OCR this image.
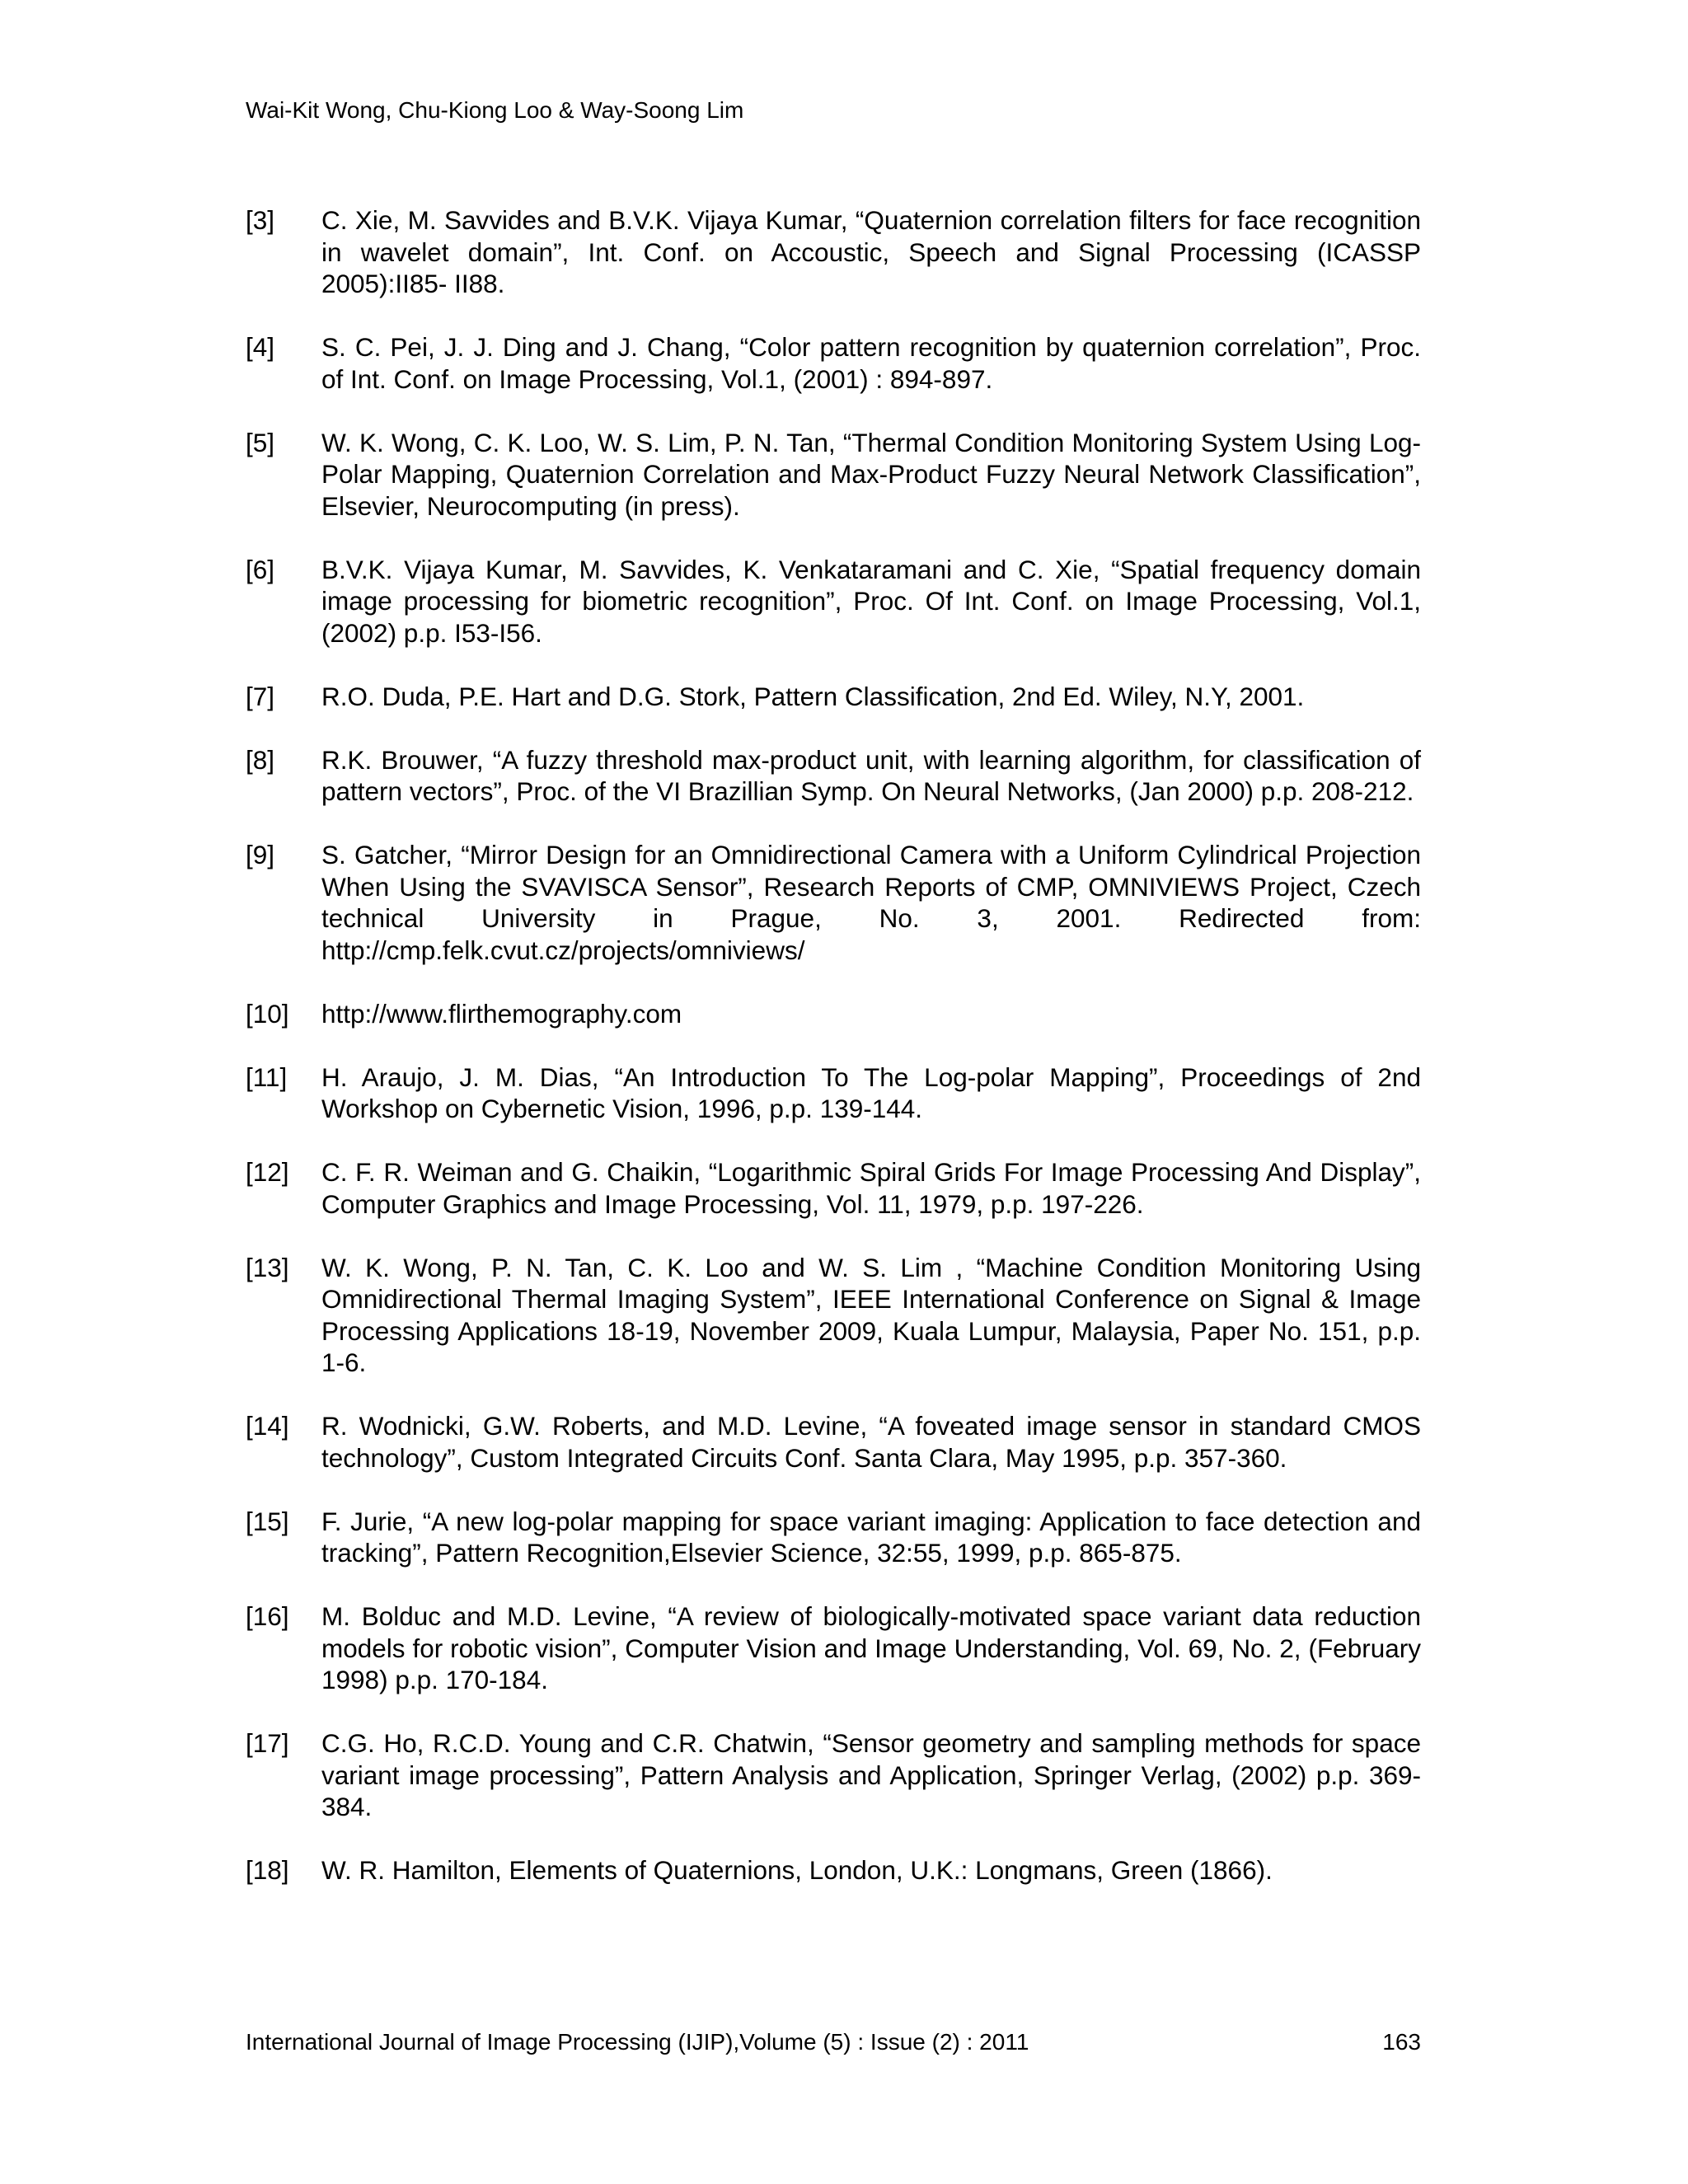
Wai-Kit Wong, Chu-Kiong Loo & Way-Soong Lim
[3] C. Xie, M. Savvides and B.V.K. Vijaya Kumar, “Quaternion correlation filters for face recognition in wavelet domain”, Int. Conf. on Accoustic, Speech and Signal Processing (ICASSP 2005):II85- II88.
[4] S. C. Pei, J. J. Ding and J. Chang, “Color pattern recognition by quaternion correlation”, Proc. of Int. Conf. on Image Processing, Vol.1, (2001) : 894-897.
[5] W. K. Wong, C. K. Loo, W. S. Lim, P. N. Tan, “Thermal Condition Monitoring System Using Log-Polar Mapping, Quaternion Correlation and Max-Product Fuzzy Neural Network Classification”, Elsevier, Neurocomputing (in press).
[6] B.V.K. Vijaya Kumar, M. Savvides, K. Venkataramani and C. Xie, “Spatial frequency domain image processing for biometric recognition”, Proc. Of Int. Conf. on Image Processing, Vol.1, (2002) p.p. I53-I56.
[7] R.O. Duda, P.E. Hart and D.G. Stork, Pattern Classification, 2nd Ed. Wiley, N.Y, 2001.
[8] R.K. Brouwer, “A fuzzy threshold max-product unit, with learning algorithm, for classification of pattern vectors”, Proc. of the VI Brazillian Symp. On Neural Networks, (Jan 2000) p.p. 208-212.
[9] S. Gatcher, “Mirror Design for an Omnidirectional Camera with a Uniform Cylindrical Projection When Using the SVAVISCA Sensor”, Research Reports of CMP, OMNIVIEWS Project, Czech technical University in Prague, No. 3, 2001. Redirected from: http://cmp.felk.cvut.cz/projects/omniviews/
[10] http://www.flirthemography.com
[11] H. Araujo, J. M. Dias, “An Introduction To The Log-polar Mapping”, Proceedings of 2nd Workshop on Cybernetic Vision, 1996, p.p. 139-144.
[12] C. F. R. Weiman and G. Chaikin, “Logarithmic Spiral Grids For Image Processing And Display”, Computer Graphics and Image Processing, Vol. 11, 1979, p.p. 197-226.
[13] W. K. Wong, P. N. Tan, C. K. Loo and W. S. Lim , “Machine Condition Monitoring Using Omnidirectional Thermal Imaging System”, IEEE International Conference on Signal & Image Processing Applications 18-19, November 2009, Kuala Lumpur, Malaysia, Paper No. 151, p.p. 1-6.
[14] R. Wodnicki, G.W. Roberts, and M.D. Levine, “A foveated image sensor in standard CMOS technology”, Custom Integrated Circuits Conf. Santa Clara, May 1995, p.p. 357-360.
[15] F. Jurie, “A new log-polar mapping for space variant imaging: Application to face detection and tracking”, Pattern Recognition,Elsevier Science, 32:55, 1999, p.p. 865-875.
[16] M. Bolduc and M.D. Levine, “A review of biologically-motivated space variant data reduction models for robotic vision”, Computer Vision and Image Understanding, Vol. 69, No. 2, (February 1998) p.p. 170-184.
[17] C.G. Ho, R.C.D. Young and C.R. Chatwin, “Sensor geometry and sampling methods for space variant image processing”, Pattern Analysis and Application, Springer Verlag, (2002) p.p. 369-384.
[18] W. R. Hamilton, Elements of Quaternions, London, U.K.: Longmans, Green (1866).
International Journal of Image Processing (IJIP),Volume (5) : Issue (2) : 2011	163
